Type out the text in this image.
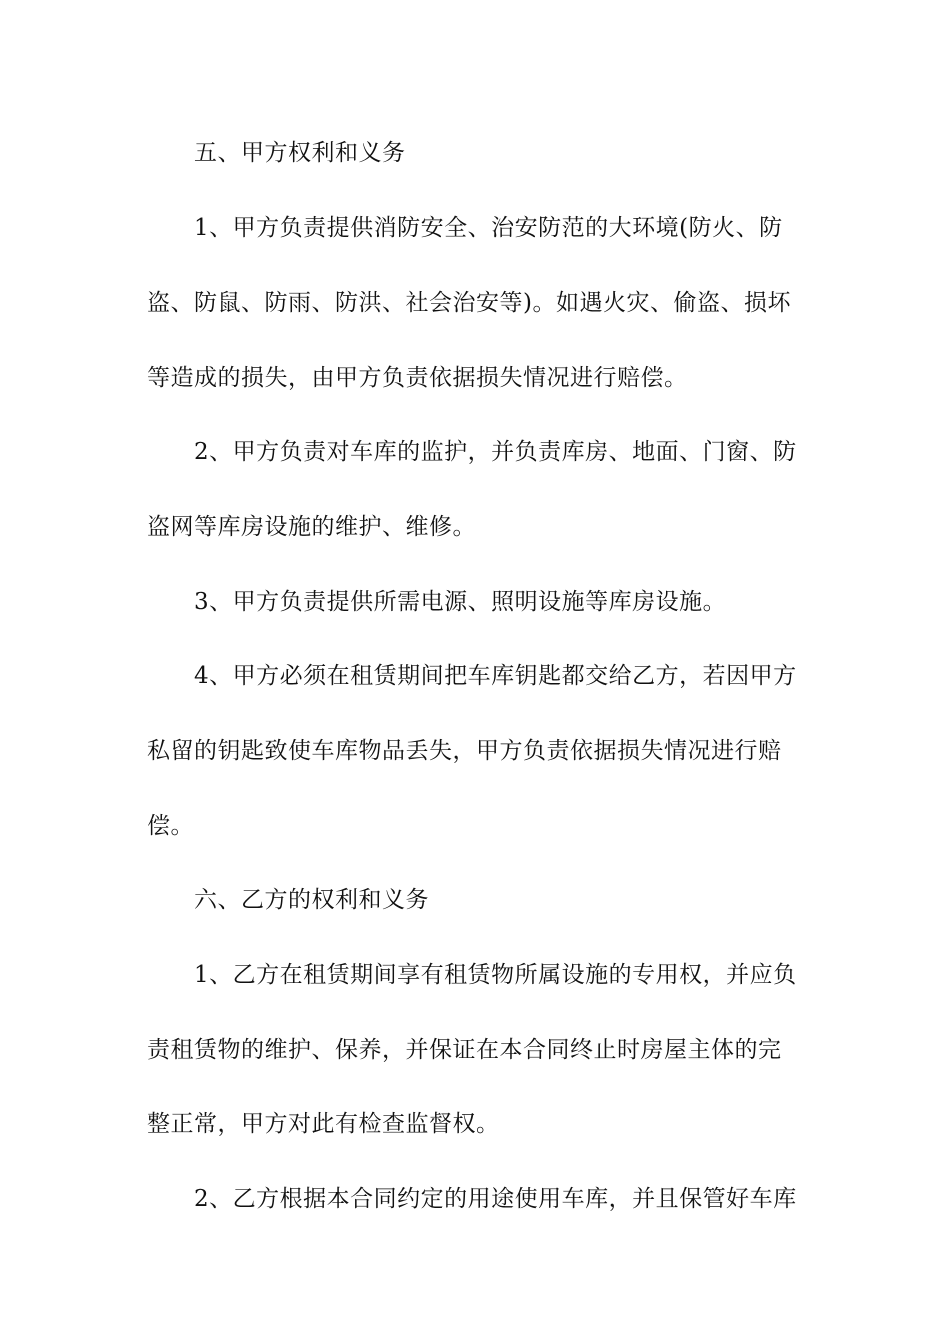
五、甲方权利和义务
1、甲方负责提供消防安全、治安防范的大环境(防火、防
盗、防鼠、防雨、防洪、社会治安等)。如遇火灾、偷盗、损坏
等造成的损失，由甲方负责依据损失情况进行赔偿。
2、甲方负责对车库的监护，并负责库房、地面、门窗、防
盗网等库房设施的维护、维修。
3、甲方负责提供所需电源、照明设施等库房设施。
4、甲方必须在租赁期间把车库钥匙都交给乙方，若因甲方
私留的钥匙致使车库物品丢失，甲方负责依据损失情况进行赔
偿。
六、乙方的权利和义务
1、乙方在租赁期间享有租赁物所属设施的专用权，并应负
责租赁物的维护、保养，并保证在本合同终止时房屋主体的完
整正常，甲方对此有检查监督权。
2、乙方根据本合同约定的用途使用车库，并且保管好车库
